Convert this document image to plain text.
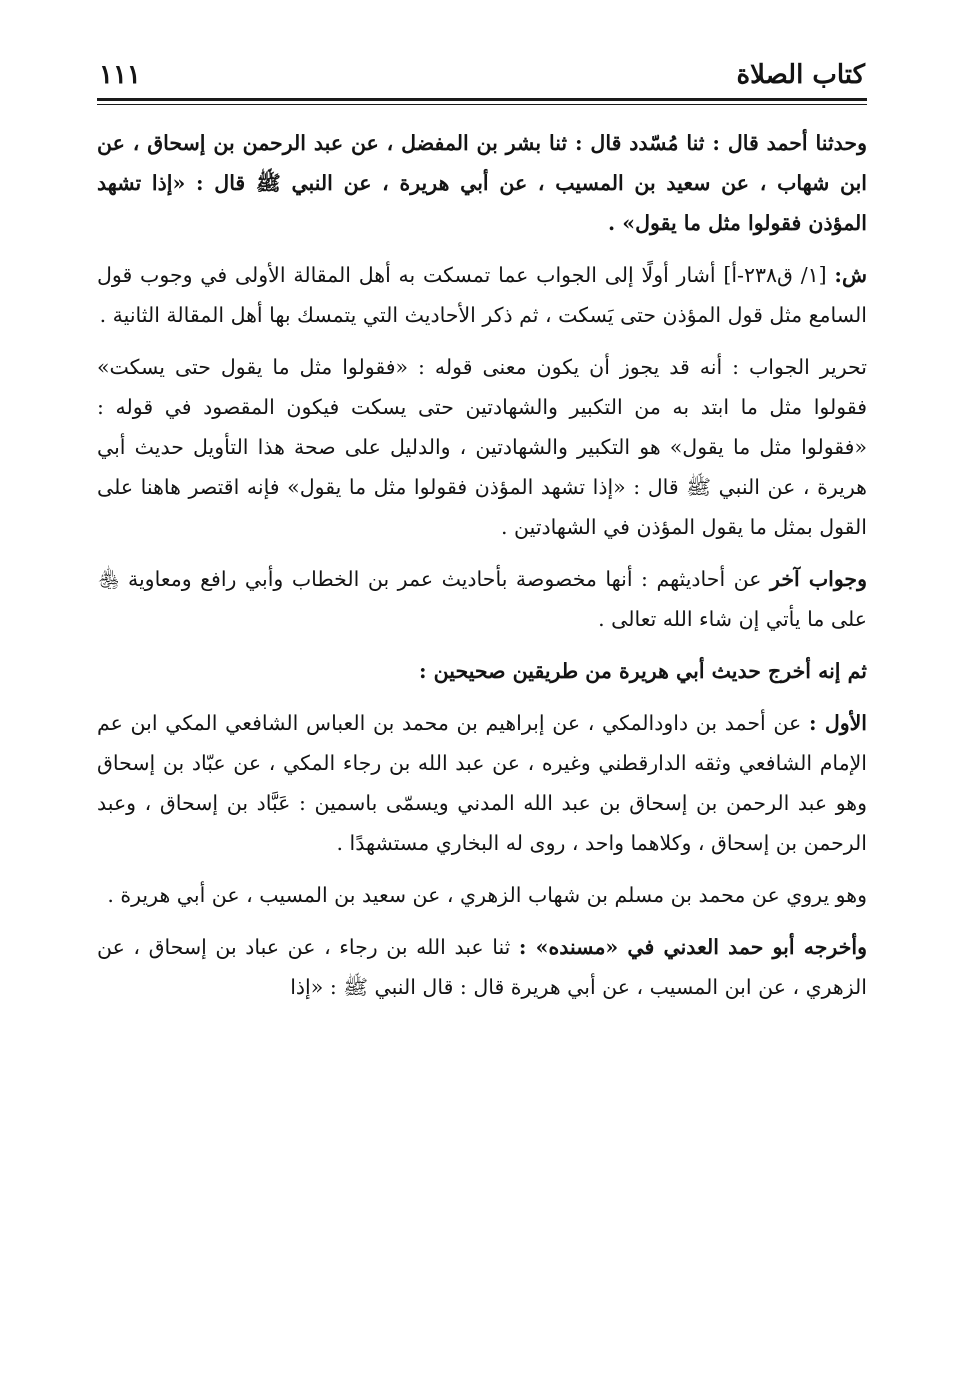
كتاب الصلاة
١١١

وحدثنا أحمد قال : ثنا مُسّدد قال : ثنا بشر بن المفضل ، عن عبد الرحمن بن إسحاق ، عن ابن شهاب ، عن سعيد بن المسيب ، عن أبي هريرة ، عن النبي ﷺ قال : «إذا تشهد المؤذن فقولوا مثل ما يقول» .

ش: [١/ ق٢٣٨-أ] أشار أولًا إلى الجواب عما تمسكت به أهل المقالة الأولى في وجوب قول السامع مثل قول المؤذن حتى يَسكت ، ثم ذكر الأحاديث التي يتمسك بها أهل المقالة الثانية .

تحرير الجواب : أنه قد يجوز أن يكون معنى قوله : «فقولوا مثل ما يقول حتى يسكت» فقولوا مثل ما ابتد به من التكبير والشهادتين حتى يسكت فيكون المقصود في قوله : «فقولوا مثل ما يقول» هو التكبير والشهادتين ، والدليل على صحة هذا التأويل حديث أبي هريرة ، عن النبي ﷺ قال : «إذا تشهد المؤذن فقولوا مثل ما يقول» فإنه اقتصر هاهنا على القول بمثل ما يقول المؤذن في الشهادتين .

وجواب آخر عن أحاديثهم : أنها مخصوصة بأحاديث عمر بن الخطاب وأبي رافع ومعاوية ﵃ على ما يأتي إن شاء الله تعالى .

ثم إنه أخرج حديث أبي هريرة من طريقين صحيحين :

الأول : عن أحمد بن داودالمكي ، عن إبراهيم بن محمد بن العباس الشافعي المكي ابن عم الإمام الشافعي وثقه الدارقطني وغيره ، عن عبد الله بن رجاء المكي ، عن عبّاد بن إسحاق وهو عبد الرحمن بن إسحاق بن عبد الله المدني ويسمّى باسمين : عَبَّاد بن إسحاق ، وعبد الرحمن بن إسحاق ، وكلاهما واحد ، روى له البخاري مستشهدًا .

وهو يروي عن محمد بن مسلم بن شهاب الزهري ، عن سعيد بن المسيب ، عن أبي هريرة .

وأخرجه أبو حمد العدني في «مسنده» : ثنا عبد الله بن رجاء ، عن عباد بن إسحاق ، عن الزهري ، عن ابن المسيب ، عن أبي هريرة قال : قال النبي ﷺ : «إذا
